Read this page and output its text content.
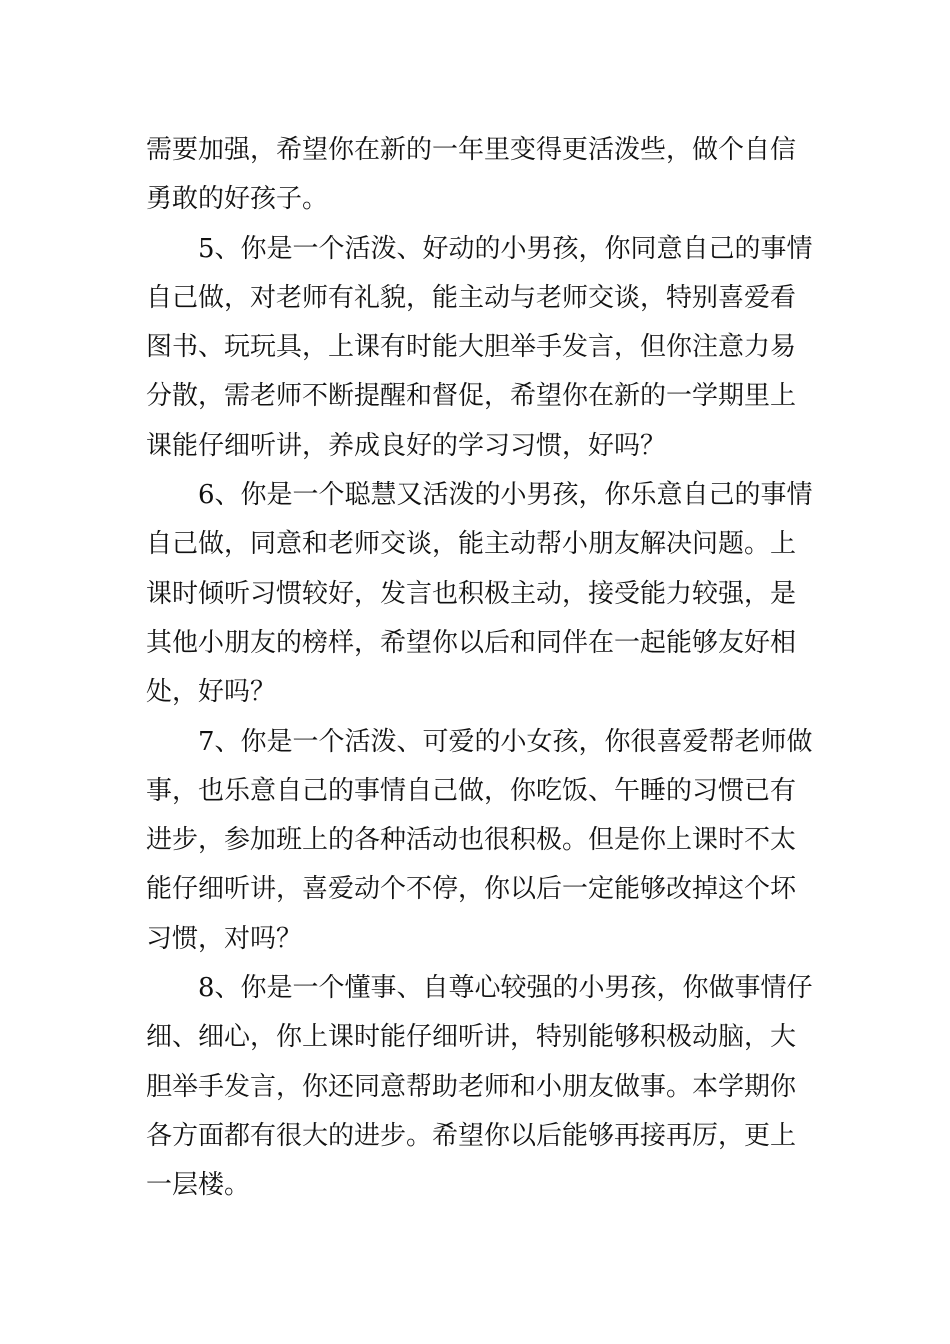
需要加强，希望你在新的一年里变得更活泼些，做个自信
勇敢的好孩子。
5、你是一个活泼、好动的小男孩，你同意自己的事情
自己做，对老师有礼貌，能主动与老师交谈，特别喜爱看
图书、玩玩具，上课有时能大胆举手发言，但你注意力易
分散，需老师不断提醒和督促，希望你在新的一学期里上
课能仔细听讲，养成良好的学习习惯，好吗？
6、你是一个聪慧又活泼的小男孩，你乐意自己的事情
自己做，同意和老师交谈，能主动帮小朋友解决问题。上
课时倾听习惯较好，发言也积极主动，接受能力较强，是
其他小朋友的榜样，希望你以后和同伴在一起能够友好相
处，好吗？
7、你是一个活泼、可爱的小女孩，你很喜爱帮老师做
事，也乐意自己的事情自己做，你吃饭、午睡的习惯已有
进步，参加班上的各种活动也很积极。但是你上课时不太
能仔细听讲，喜爱动个不停，你以后一定能够改掉这个坏
习惯，对吗？
8、你是一个懂事、自尊心较强的小男孩，你做事情仔
细、细心，你上课时能仔细听讲，特别能够积极动脑，大
胆举手发言，你还同意帮助老师和小朋友做事。本学期你
各方面都有很大的进步。希望你以后能够再接再厉，更上
一层楼。
